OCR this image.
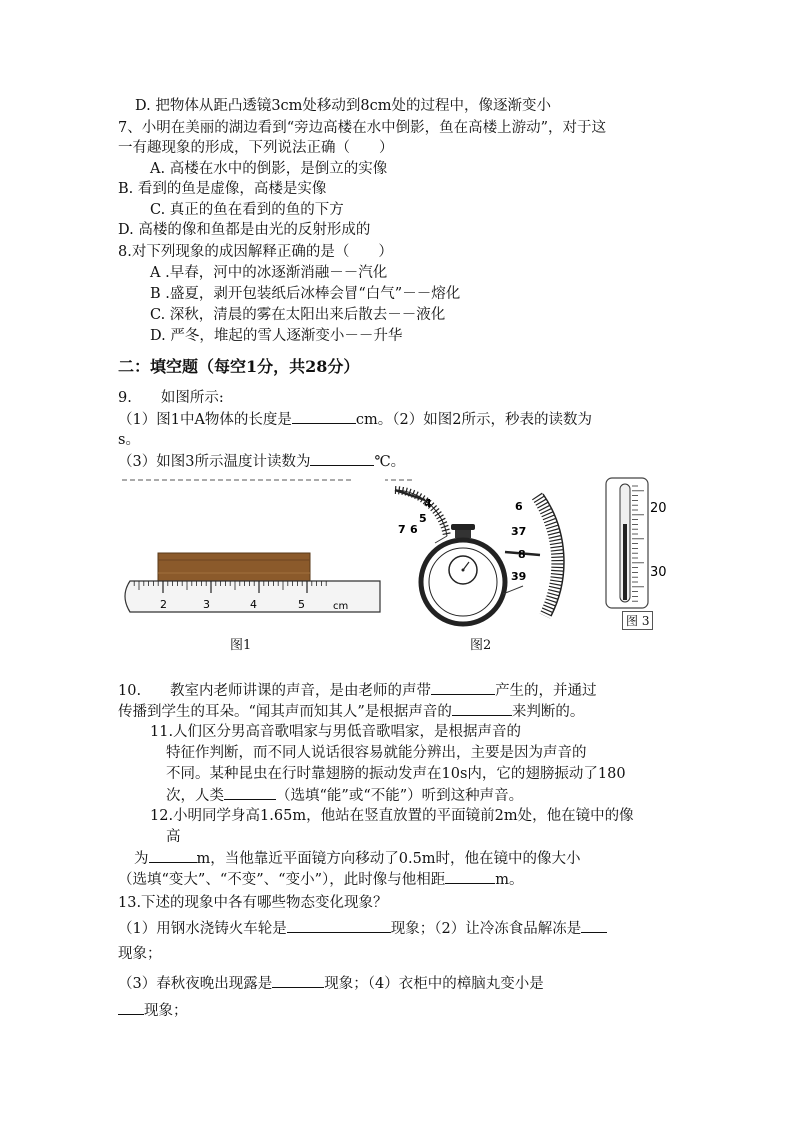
D. 把物体从距凸透镜3cm处移动到8cm处的过程中，像逐渐变小
7、小明在美丽的湖边看到“旁边高楼在水中倒影，鱼在高楼上游动”，对于这
一有趣现象的形成，下列说法正确（　　）
A. 高楼在水中的倒影，是倒立的实像
B. 看到的鱼是虚像，高楼是实像
C. 真正的鱼在看到的鱼的下方
D. 高楼的像和鱼都是由光的反射形成的
8.对下列现象的成因解释正确的是（　　）
A .早春，河中的冰逐渐消融－－汽化
B .盛夏，剥开包装纸后冰棒会冒“白气”－－熔化
C. 深秋，清晨的雾在太阳出来后散去－－液化
D. 严冬，堆起的雪人逐渐变小－－升华
二：填空题（每空1分，共28分）
9.　　如图所示:
（1）图1中A物体的长度是	cm。（2）如图2所示，秒表的读数为
s。
（3）如图3所示温度计读数为	℃。
2	3	4	5	cm
图1
4
5
6
7
6
37
8
39
图2
20
30
图 3
10.　　教室内老师讲课的声音，是由老师的声带	产生的，并通过
传播到学生的耳朵。“闻其声而知其人”是根据声音的	来判断的。
11.人们区分男高音歌唱家与男低音歌唱家，是根据声音的
特征作判断，而不同人说话很容易就能分辨出，主要是因为声音的
不同。某种昆虫在行时靠翅膀的振动发声在10s内，它的翅膀振动了180
次，人类	（选填“能”或“不能”）听到这种声音。
12.小明同学身高1.65m，他站在竖直放置的平面镜前2m处，他在镜中的像
高
为	m，当他靠近平面镜方向移动了0.5m时，他在镜中的像大小
（选填“变大”、“不变”、“变小”），此时像与他相距	m。
13.下述的现象中各有哪些物态变化现象？
（1）用钢水浇铸火车轮是	现象；（2）让冷冻食品解冻是
现象；
（3）春秋夜晚出现露是	现象；（4）衣柜中的樟脑丸变小是
现象；
